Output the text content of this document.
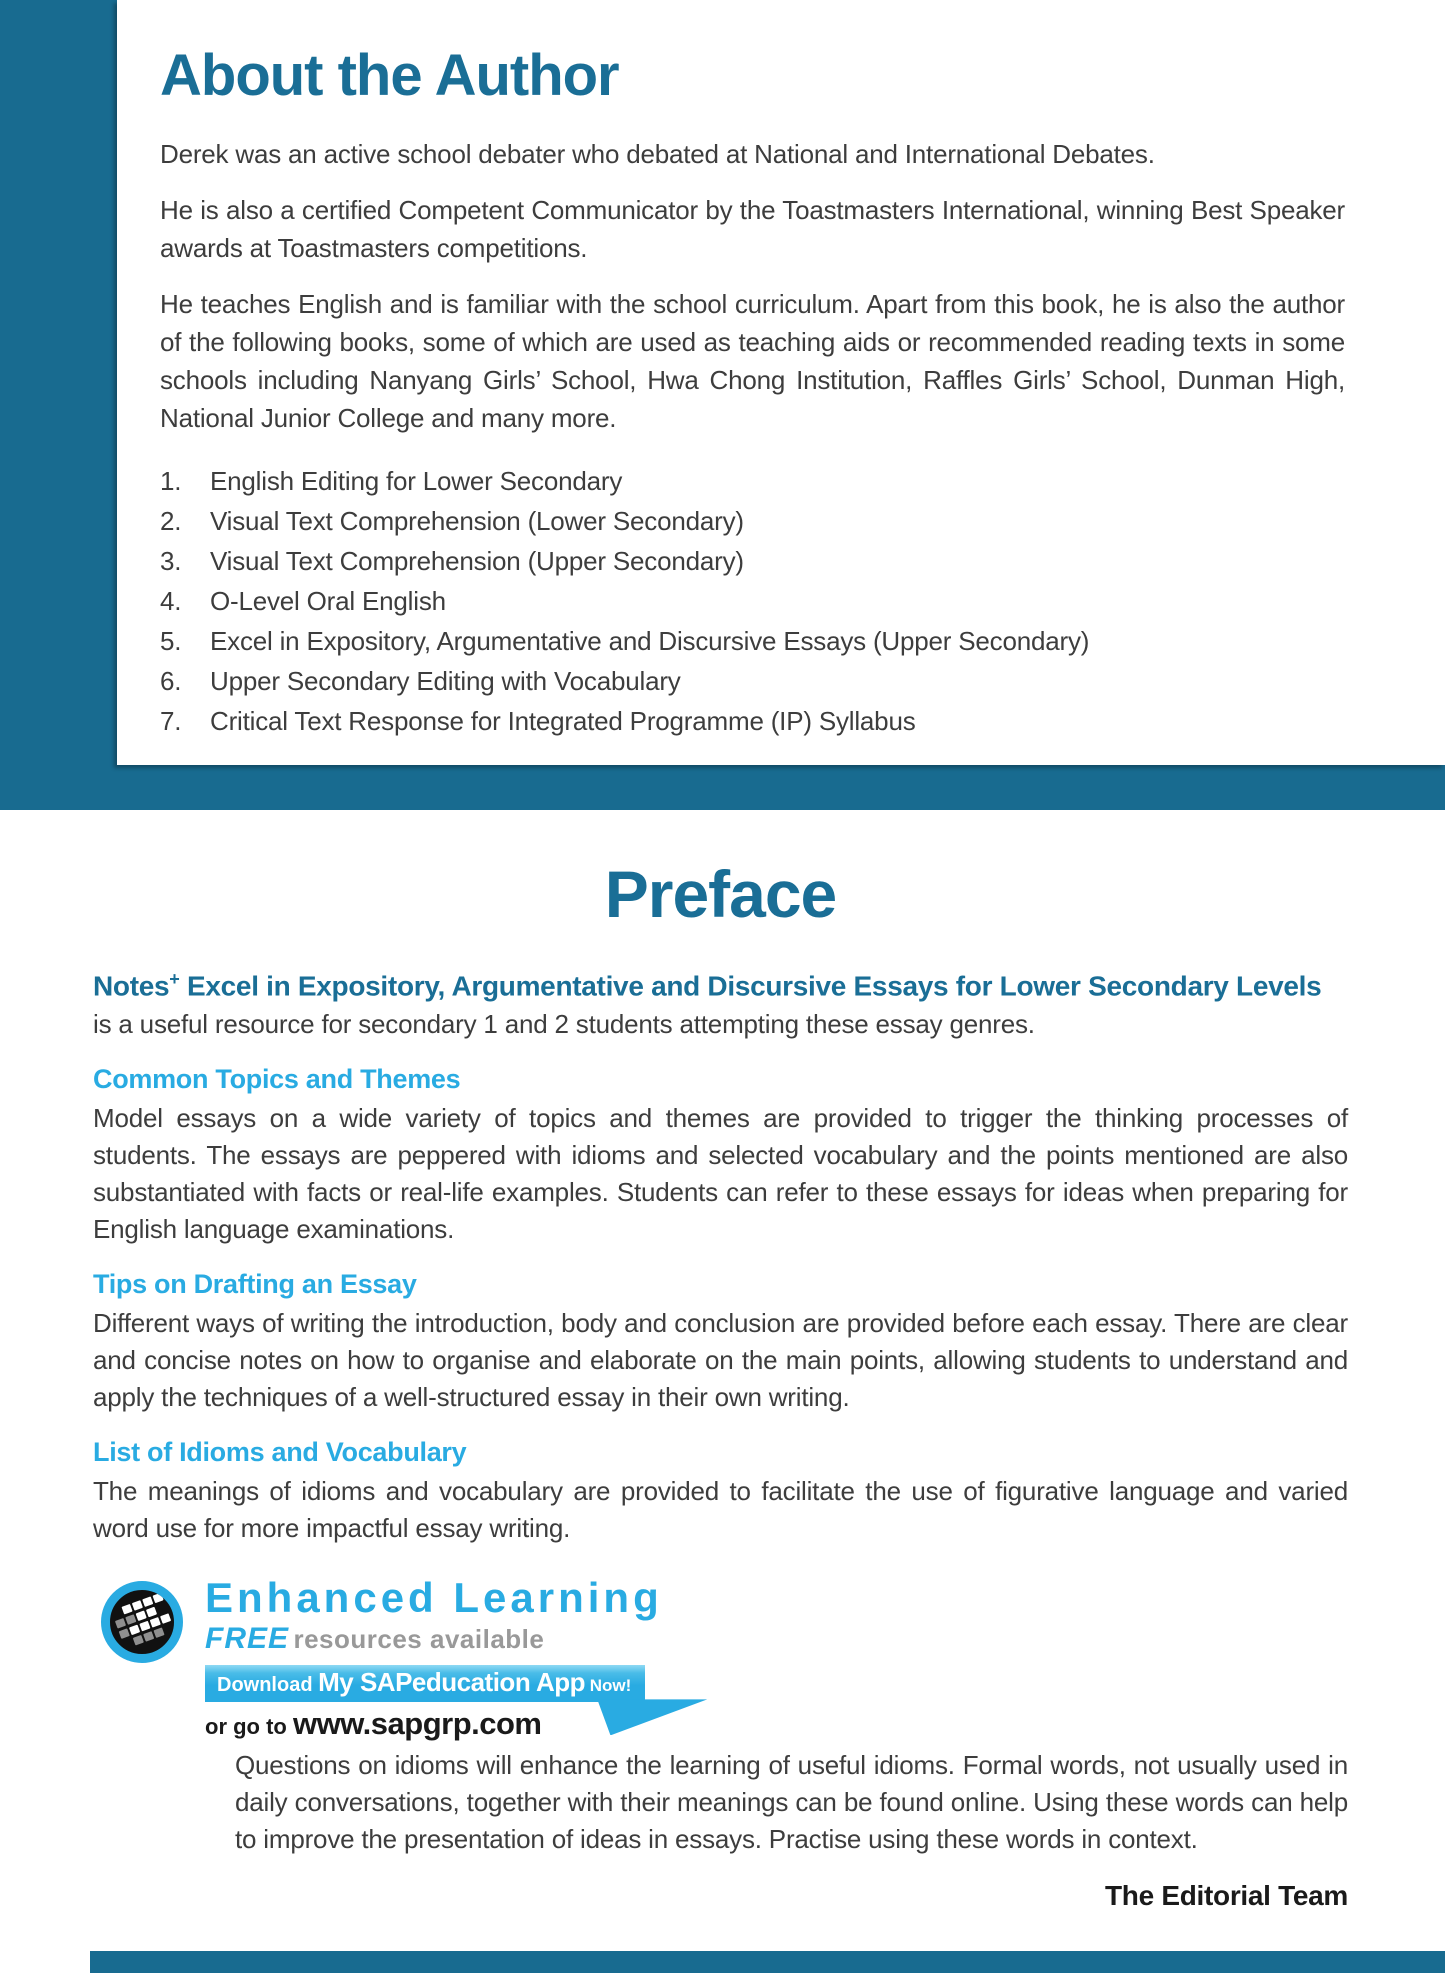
About the Author

Derek was an active school debater who debated at National and International Debates.

He is also a certified Competent Communicator by the Toastmasters International, winning Best Speaker awards at Toastmasters competitions.

He teaches English and is familiar with the school curriculum. Apart from this book, he is also the author of the following books, some of which are used as teaching aids or recommended reading texts in some schools including Nanyang Girls’ School, Hwa Chong Institution, Raffles Girls’ School, Dunman High, National Junior College and many more.

English Editing for Lower Secondary
Visual Text Comprehension (Lower Secondary)
Visual Text Comprehension (Upper Secondary)
O-Level Oral English
Excel in Expository, Argumentative and Discursive Essays (Upper Secondary)
Upper Secondary Editing with Vocabulary
Critical Text Response for Integrated Programme (IP) Syllabus
Preface
Notes+ Excel in Expository, Argumentative and Discursive Essays for Lower Secondary Levels
is a useful resource for secondary 1 and 2 students attempting these essay genres.
Common Topics and Themes

Model essays on a wide variety of topics and themes are provided to trigger the thinking processes of students. The essays are peppered with idioms and selected vocabulary and the points mentioned are also substantiated with facts or real-life examples. Students can refer to these essays for ideas when preparing for English language examinations.

Tips on Drafting an Essay

Different ways of writing the introduction, body and conclusion are provided before each essay. There are clear and concise notes on how to organise and elaborate on the main points, allowing students to understand and apply the techniques of a well-structured essay in their own writing.

List of Idioms and Vocabulary

The meanings of idioms and vocabulary are provided to facilitate the use of figurative language and varied word use for more impactful essay writing.

Enhanced Learning
FREE resources available
Download My SAPeducation App Now!
or go to www.sapgrp.com

Questions on idioms will enhance the learning of useful idioms. Formal words, not usually used in daily conversations, together with their meanings can be found online. Using these words can help to improve the presentation of ideas in essays. Practise using these words in context.

The Editorial Team
